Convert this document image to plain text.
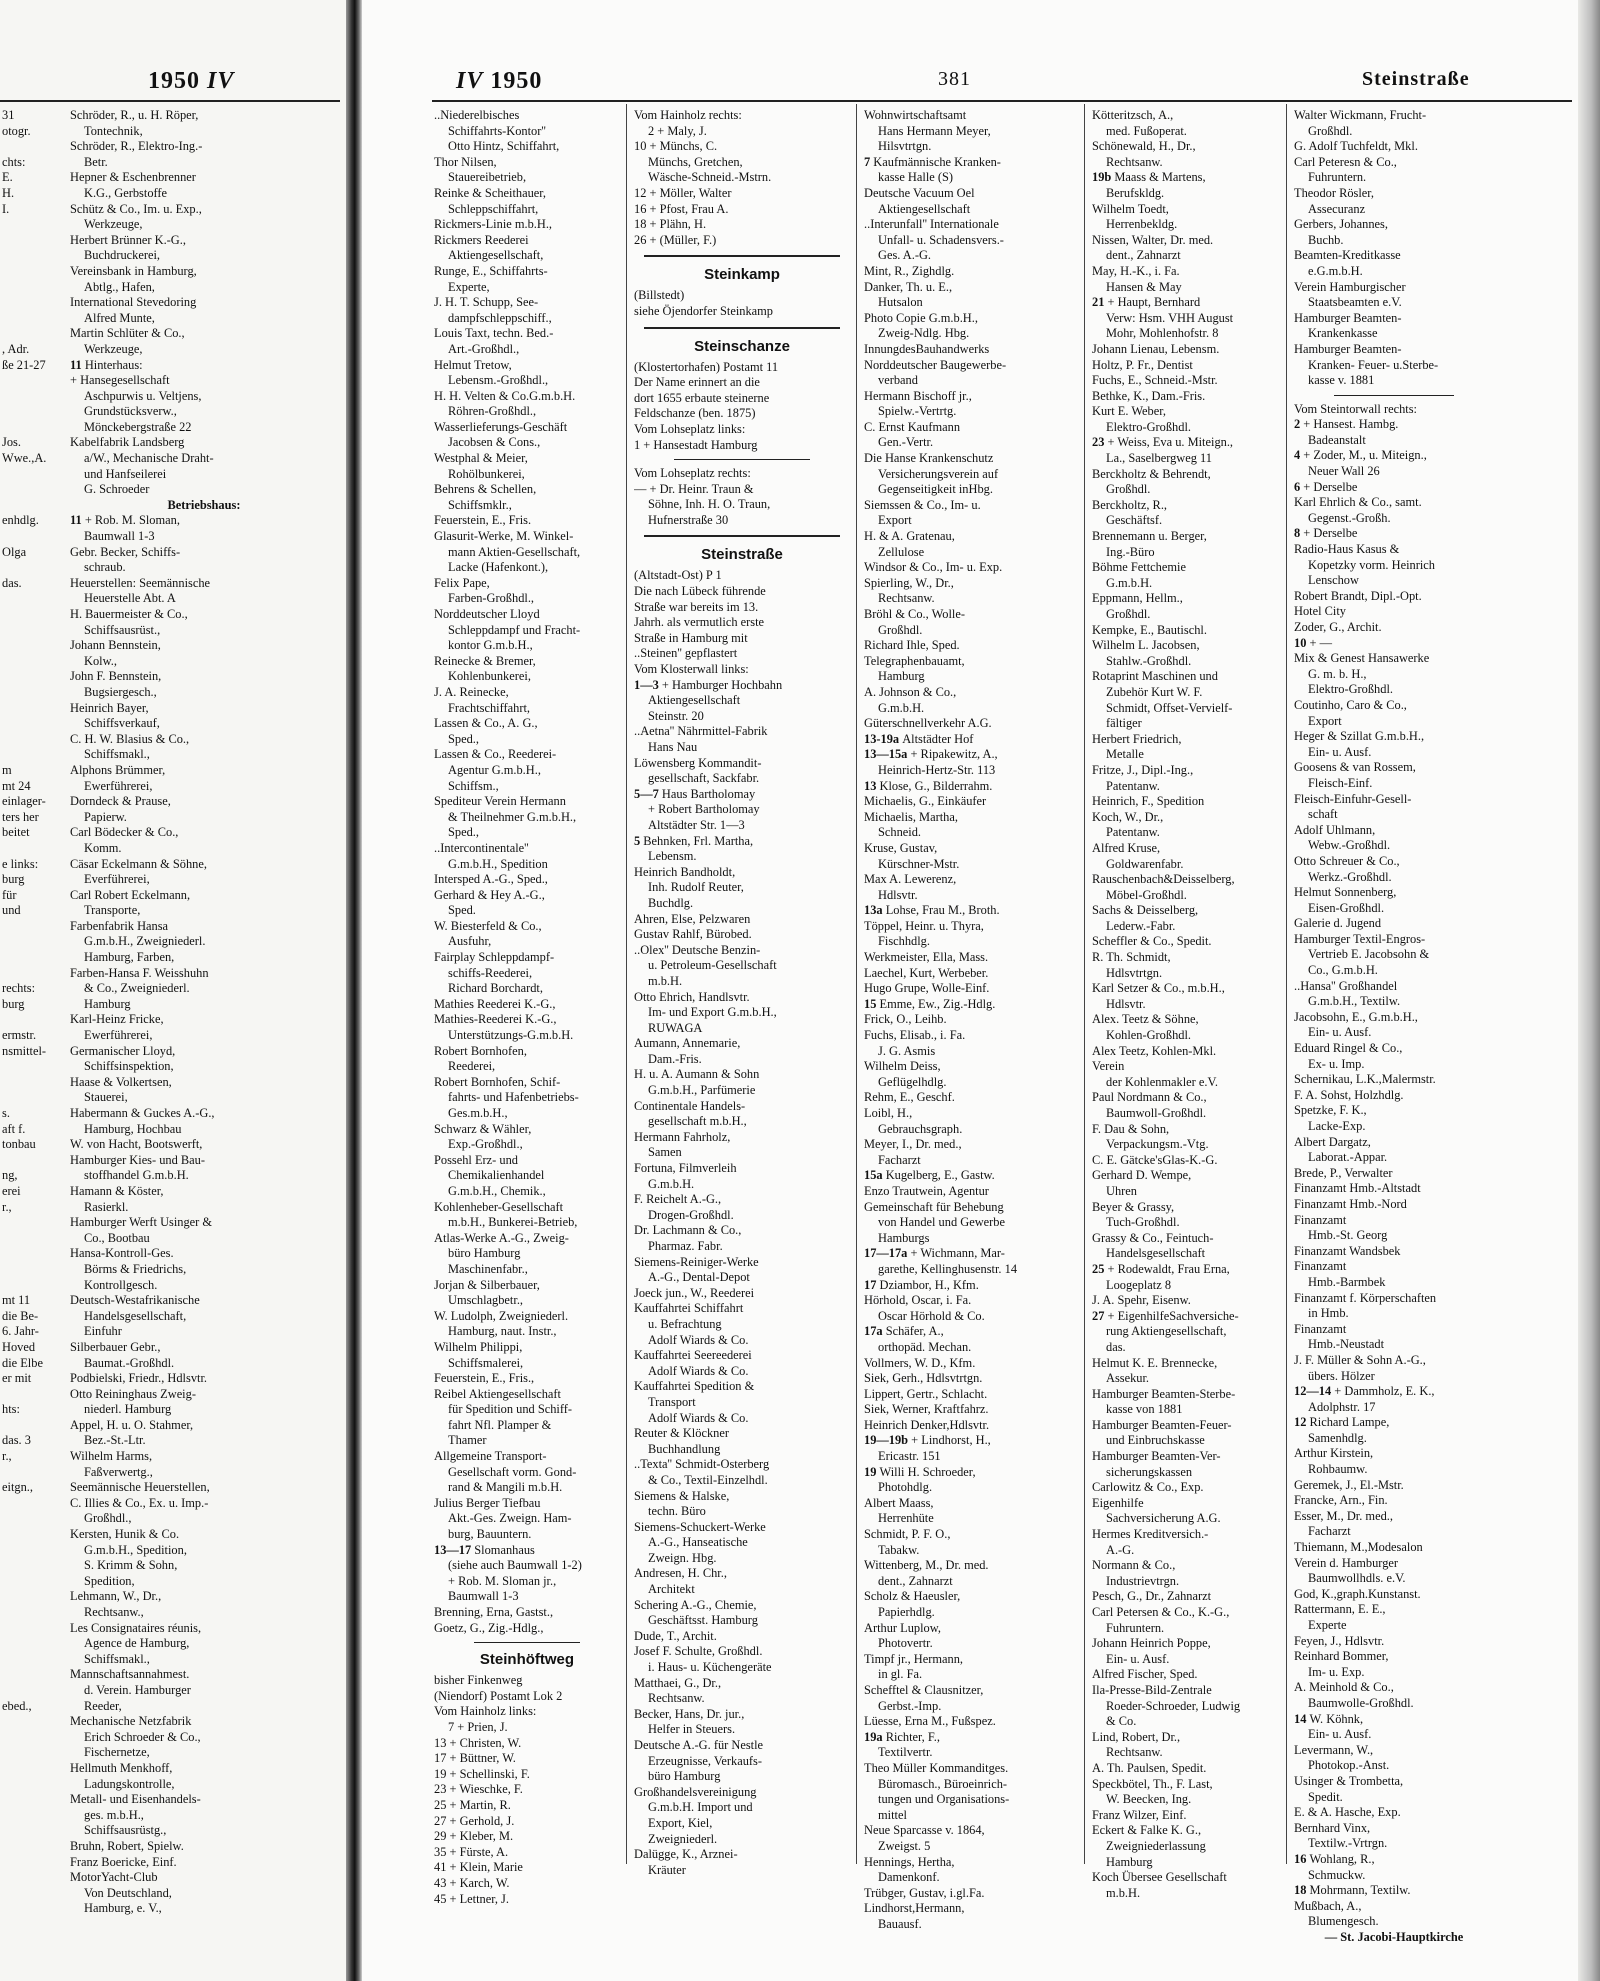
1950 IV
31
otogr.

chts:
E.
H.
I.

, Adr.
ße 21-27

Jos.
Wwe.,A.

enhdlg.

Olga

das.

m
mt 24
einlager-
ters her
beitet

e links:
burg
für
und

rechts:
burg

ermstr.
nsmittel-

s.
aft f.
tonbau

ng,
erei
r.,

mt 11
die Be-
6. Jahr-
Hoved
die Elbe
er mit

hts:

das. 3
r.,

eitgn.,

ebed.,
Schröder, R., u. H. Röper,
Tontechnik,
Schröder, R., Elektro-Ing.-
Betr.
Hepner & Eschenbrenner
K.G., Gerbstoffe
Schütz & Co., Im. u. Exp.,
Werkzeuge,
Herbert Brünner K.-G.,
Buchdruckerei,
Vereinsbank in Hamburg,
Abtlg., Hafen,
International Stevedoring
Alfred Munte,
Martin Schlüter & Co.,
Werkzeuge,
11 Hinterhaus:
+ Hansegesellschaft
Aschpurwis u. Veltjens,
Grundstücksverw.,
Mönckebergstraße 22
Kabelfabrik Landsberg
a/W., Mechanische Draht-
und Hanfseilerei
G. Schroeder
Betriebshaus:
11 + Rob. M. Sloman,
Baumwall 1-3
Gebr. Becker, Schiffs-
schraub.
Heuerstellen: Seemännische
Heuerstelle Abt. A
H. Bauermeister & Co.,
Schiffsausrüst.,
Johann Bennstein,
Kolw.,
John F. Bennstein,
Bugsiergesch.,
Heinrich Bayer,
Schiffsverkauf,
C. H. W. Blasius & Co.,
Schiffsmakl.,
Alphons Brümmer,
Ewerführerei,
Dorndeck & Prause,
Papierw.
Carl Bödecker & Co.,
Komm.
Cäsar Eckelmann & Söhne,
Everführerei,
Carl Robert Eckelmann,
Transporte,
Farbenfabrik Hansa
G.m.b.H., Zweigniederl.
Hamburg, Farben,
Farben-Hansa F. Weisshuhn
& Co., Zweigniederl.
Hamburg
Karl-Heinz Fricke,
Ewerführerei,
Germanischer Lloyd,
Schiffsinspektion,
Haase & Volkertsen,
Stauerei,
Habermann & Guckes A.-G.,
Hamburg, Hochbau
W. von Hacht, Bootswerft,
Hamburger Kies- und Bau-
stoffhandel G.m.b.H.
Hamann & Köster,
Rasierkl.
Hamburger Werft Usinger &
Co., Bootbau
Hansa-Kontroll-Ges.
Börms & Friedrichs,
Kontrollgesch.
Deutsch-Westafrikanische
Handelsgesellschaft,
Einfuhr
Silberbauer Gebr.,
Baumat.-Großhdl.
Podbielski, Friedr., Hdlsvtr.
Otto Reininghaus Zweig-
niederl. Hamburg
Appel, H. u. O. Stahmer,
Bez.-St.-Ltr.
Wilhelm Harms,
Faßverwertg.,
Seemännische Heuerstellen,
C. Illies & Co., Ex. u. Imp.-
Großhdl.,
Kersten, Hunik & Co.
G.m.b.H., Spedition,
S. Krimm & Sohn,
Spedition,
Lehmann, W., Dr.,
Rechtsanw.,
Les Consignataires réunis,
Agence de Hamburg,
Schiffsmakl.,
Mannschaftsannahmest.
d. Verein. Hamburger
Reeder,
Mechanische Netzfabrik
Erich Schroeder & Co.,
Fischernetze,
Hellmuth Menkhoff,
Ladungskontrolle,
Metall- und Eisenhandels-
ges. m.b.H.,
Schiffsausrüstg.,
Bruhn, Robert, Spielw.
Franz Boericke, Einf.
MotorYacht-Club
Von Deutschland,
Hamburg, e. V.,
IV 1950	381	Steinstraße
..Niederelbisches
Schiffahrts-Kontor''
Otto Hintz, Schiffahrt,
Thor Nilsen,
Stauereibetrieb,
Reinke & Scheithauer,
Schleppschiffahrt,
Rickmers-Linie m.b.H.,
Rickmers Reederei
Aktiengesellschaft,
Runge, E., Schiffahrts-
Experte,
J. H. T. Schupp, See-
dampfschleppschiff.,
Louis Taxt, techn. Bed.-
Art.-Großhdl.,
Helmut Tretow,
Lebensm.-Großhdl.,
H. H. Velten & Co.G.m.b.H.
Röhren-Großhdl.,
Wasserlieferungs-Geschäft
Jacobsen & Cons.,
Westphal & Meier,
Rohölbunkerei,
Behrens & Schellen,
Schiffsmklr.,
Feuerstein, E., Fris.
Glasurit-Werke, M. Winkel-
mann Aktien-Gesellschaft,
Lacke (Hafenkont.),
Felix Pape,
Farben-Großhdl.,
Norddeutscher Lloyd
Schleppdampf und Fracht-
kontor G.m.b.H.,
Reinecke & Bremer,
Kohlenbunkerei,
J. A. Reinecke,
Frachtschiffahrt,
Lassen & Co., A. G.,
Sped.,
Lassen & Co., Reederei-
Agentur G.m.b.H.,
Schiffsm.,
Spediteur Verein Hermann
& Theilnehmer G.m.b.H.,
Sped.,
..Intercontinentale''
G.m.b.H., Spedition
Intersped A.-G., Sped.,
Gerhard & Hey A.-G.,
Sped.
W. Biesterfeld & Co.,
Ausfuhr,
Fairplay Schleppdampf-
schiffs-Reederei,
Richard Borchardt,
Mathies Reederei K.-G.,
Mathies-Reederei K.-G.,
Unterstützungs-G.m.b.H.
Robert Bornhofen,
Reederei,
Robert Bornhofen, Schif-
fahrts- und Hafenbetriebs-
Ges.m.b.H.,
Schwarz & Wähler,
Exp.-Großhdl.,
Possehl Erz- und
Chemikalienhandel
G.m.b.H., Chemik.,
Kohlenheber-Gesellschaft
m.b.H., Bunkerei-Betrieb,
Atlas-Werke A.-G., Zweig-
büro Hamburg
Maschinenfabr.,
Jorjan & Silberbauer,
Umschlagbetr.,
W. Ludolph, Zweigniederl.
Hamburg, naut. Instr.,
Wilhelm Philippi,
Schiffsmalerei,
Feuerstein, E., Fris.,
Reibel Aktiengesellschaft
für Spedition und Schiff-
fahrt Nfl. Plamper &
Thamer
Allgemeine Transport-
Gesellschaft vorm. Gond-
rand & Mangili m.b.H.
Julius Berger Tiefbau
Akt.-Ges. Zweign. Ham-
burg, Bauuntern.
13—17 Slomanhaus
(siehe auch Baumwall 1-2)
+ Rob. M. Sloman jr.,
Baumwall 1-3
Brenning, Erna, Gastst.,
Goetz, G., Zig.-Hdlg.,
Steinhöftweg
bisher Finkenweg
(Niendorf) Postamt Lok 2
Vom Hainholz links:
7 + Prien, J.
13 + Christen, W.
17 + Büttner, W.
19 + Schellinski, F.
23 + Wieschke, F.
25 + Martin, R.
27 + Gerhold, J.
29 + Kleber, M.
35 + Fürste, A.
41 + Klein, Marie
43 + Karch, W.
45 + Lettner, J.
Vom Hainholz rechts:
2 + Maly, J.
10 + Münchs, C.
Münchs, Gretchen,
Wäsche-Schneid.-Mstrn.
12 + Möller, Walter
16 + Pfost, Frau A.
18 + Plähn, H.
26 + (Müller, F.)
Steinkamp
(Billstedt)
siehe Öjendorfer Steinkamp
Steinschanze
(Klostertorhafen) Postamt 11
Der Name erinnert an die
dort 1655 erbaute steinerne
Feldschanze (ben. 1875)
Vom Lohseplatz links:
1 + Hansestadt Hamburg
Vom Lohseplatz rechts:
— + Dr. Heinr. Traun &
Söhne, Inh. H. O. Traun,
Hufnerstraße 30
Steinstraße
(Altstadt-Ost) P 1
Die nach Lübeck führende
Straße war bereits im 13.
Jahrh. als vermutlich erste
Straße in Hamburg mit
..Steinen'' gepflastert
Vom Klosterwall links:
1—3 + Hamburger Hochbahn
Aktiengesellschaft
Steinstr. 20
..Aetna'' Nährmittel-Fabrik
Hans Nau
Löwensberg Kommandit-
gesellschaft, Sackfabr.
5—7 Haus Bartholomay
+ Robert Bartholomay
Altstädter Str. 1—3
5 Behnken, Frl. Martha,
Lebensm.
Heinrich Bandholdt,
Inh. Rudolf Reuter,
Buchdlg.
Ahren, Else, Pelzwaren
Gustav Rahlf, Bürobed.
..Olex'' Deutsche Benzin-
u. Petroleum-Gesellschaft
m.b.H.
Otto Ehrich, Handlsvtr.
Im- und Export G.m.b.H.,
RUWAGA
Aumann, Annemarie,
Dam.-Fris.
H. u. A. Aumann & Sohn
G.m.b.H., Parfümerie
Continentale Handels-
gesellschaft m.b.H.,
Hermann Fahrholz,
Samen
Fortuna, Filmverleih
G.m.b.H.
F. Reichelt A.-G.,
Drogen-Großhdl.
Dr. Lachmann & Co.,
Pharmaz. Fabr.
Siemens-Reiniger-Werke
A.-G., Dental-Depot
Joeck jun., W., Reederei
Kauffahrtei Schiffahrt
u. Befrachtung
Adolf Wiards & Co.
Kauffahrtei Seereederei
Adolf Wiards & Co.
Kauffahrtei Spedition &
Transport
Adolf Wiards & Co.
Reuter & Klöckner
Buchhandlung
..Texta'' Schmidt-Osterberg
& Co., Textil-Einzelhdl.
Siemens & Halske,
techn. Büro
Siemens-Schuckert-Werke
A.-G., Hanseatische
Zweign. Hbg.
Andresen, H. Chr.,
Architekt
Schering A.-G., Chemie,
Geschäftsst. Hamburg
Dude, T., Archit.
Josef F. Schulte, Großhdl.
i. Haus- u. Küchengeräte
Matthaei, G., Dr.,
Rechtsanw.
Becker, Hans, Dr. jur.,
Helfer in Steuers.
Deutsche A.-G. für Nestle
Erzeugnisse, Verkaufs-
büro Hamburg
Großhandelsvereinigung
G.m.b.H. Import und
Export, Kiel,
Zweigniederl.
Dalügge, K., Arznei-
Kräuter
Wohnwirtschaftsamt
Hans Hermann Meyer,
Hilsvtrtgn.
7 Kaufmännische Kranken-
kasse Halle (S)
Deutsche Vacuum Oel
Aktiengesellschaft
..Interunfall'' Internationale
Unfall- u. Schadensvers.-
Ges. A.-G.
Mint, R., Zighdlg.
Danker, Th. u. E.,
Hutsalon
Photo Copie G.m.b.H.,
Zweig-Ndlg. Hbg.
InnungdesBauhandwerks
Norddeutscher Baugewerbe-
verband
Hermann Bischoff jr.,
Spielw.-Vertrtg.
C. Ernst Kaufmann
Gen.-Vertr.
Die Hanse Krankenschutz
Versicherungsverein auf
Gegenseitigkeit inHbg.
Siemssen & Co., Im- u.
Export
H. & A. Gratenau,
Zellulose
Windsor & Co., Im- u. Exp.
Spierling, W., Dr.,
Rechtsanw.
Bröhl & Co., Wolle-
Großhdl.
Richard Ihle, Sped.
Telegraphenbauamt,
Hamburg
A. Johnson & Co.,
G.m.b.H.
Güterschnellverkehr A.G.
13-19a Altstädter Hof
13—15a + Ripakewitz, A.,
Heinrich-Hertz-Str. 113
13 Klose, G., Bilderrahm.
Michaelis, G., Einkäufer
Michaelis, Martha,
Schneid.
Kruse, Gustav,
Kürschner-Mstr.
Max A. Lewerenz,
Hdlsvtr.
13a Lohse, Frau M., Broth.
Töppel, Heinr. u. Thyra,
Fischhdlg.
Werkmeister, Ella, Mass.
Laechel, Kurt, Werbeber.
Hugo Grupe, Wolle-Einf.
15 Emme, Ew., Zig.-Hdlg.
Frick, O., Leihb.
Fuchs, Elisab., i. Fa.
J. G. Asmis
Wilhelm Deiss,
Geflügelhdlg.
Rehm, E., Geschf.
Loibl, H.,
Gebrauchsgraph.
Meyer, I., Dr. med.,
Facharzt
15a Kugelberg, E., Gastw.
Enzo Trautwein, Agentur
Gemeinschaft für Behebung
von Handel und Gewerbe
Hamburgs
17—17a + Wichmann, Mar-
garethe, Kellinghusenstr. 14
17 Dziambor, H., Kfm.
Hörhold, Oscar, i. Fa.
Oscar Hörhold & Co.
17a Schäfer, A.,
orthopäd. Mechan.
Vollmers, W. D., Kfm.
Siek, Gerh., Hdlsvtrtgn.
Lippert, Gertr., Schlacht.
Siek, Werner, Kraftfahrz.
Heinrich Denker,Hdlsvtr.
19—19b + Lindhorst, H.,
Ericastr. 151
19 Willi H. Schroeder,
Photohdlg.
Albert Maass,
Herrenhüte
Schmidt, P. F. O.,
Tabakw.
Wittenberg, M., Dr. med.
dent., Zahnarzt
Scholz & Haeusler,
Papierhdlg.
Arthur Luplow,
Photovertr.
Timpf jr., Hermann,
in gl. Fa.
Schefftel & Clausnitzer,
Gerbst.-Imp.
Lüesse, Erna M., Fußspez.
19a Richter, F.,
Textilvertr.
Theo Müller Kommanditges.
Büromasch., Büroeinrich-
tungen und Organisations-
mittel
Neue Sparcasse v. 1864,
Zweigst. 5
Hennings, Hertha,
Damenkonf.
Trübger, Gustav, i.gl.Fa.
Lindhorst,Hermann,
Bauausf.
Kötteritzsch, A.,
med. Fußoperat.
Schönewald, H., Dr.,
Rechtsanw.
19b Maass & Martens,
Berufskldg.
Wilhelm Toedt,
Herrenbekldg.
Nissen, Walter, Dr. med.
dent., Zahnarzt
May, H.-K., i. Fa.
Hansen & May
21 + Haupt, Bernhard
Verw: Hsm. VHH August
Mohr, Mohlenhofstr. 8
Johann Lienau, Lebensm.
Holtz, P. Fr., Dentist
Fuchs, E., Schneid.-Mstr.
Bethke, K., Dam.-Fris.
Kurt E. Weber,
Elektro-Großhdl.
23 + Weiss, Eva u. Miteign.,
La., Saselbergweg 11
Berckholtz & Behrendt,
Großhdl.
Berckholtz, R.,
Geschäftsf.
Brennemann u. Berger,
Ing.-Büro
Böhme Fettchemie
G.m.b.H.
Eppmann, Hellm.,
Großhdl.
Kempke, E., Bautischl.
Wilhelm L. Jacobsen,
Stahlw.-Großhdl.
Rotaprint Maschinen und
Zubehör Kurt W. F.
Schmidt, Offset-Vervielf-
fältiger
Herbert Friedrich,
Metalle
Fritze, J., Dipl.-Ing.,
Patentanw.
Heinrich, F., Spedition
Koch, W., Dr.,
Patentanw.
Alfred Kruse,
Goldwarenfabr.
Rauschenbach&Deisselberg,
Möbel-Großhdl.
Sachs & Deisselberg,
Lederw.-Fabr.
Scheffler & Co., Spedit.
R. Th. Schmidt,
Hdlsvtrtgn.
Karl Setzer & Co., m.b.H.,
Hdlsvtr.
Alex. Teetz & Söhne,
Kohlen-Großhdl.
Alex Teetz, Kohlen-Mkl.
Verein
der Kohlenmakler e.V.
Paul Nordmann & Co.,
Baumwoll-Großhdl.
F. Dau & Sohn,
Verpackungsm.-Vtg.
C. E. Gätcke'sGlas-K.-G.
Gerhard D. Wempe,
Uhren
Beyer & Grassy,
Tuch-Großhdl.
Grassy & Co., Feintuch-
Handelsgesellschaft
25 + Rodewaldt, Frau Erna,
Loogeplatz 8
J. A. Spehr, Eisenw.
27 + EigenhilfeSachversiche-
rung Aktiengesellschaft,
das.
Helmut K. E. Brennecke,
Assekur.
Hamburger Beamten-Sterbe-
kasse von 1881
Hamburger Beamten-Feuer-
und Einbruchskasse
Hamburger Beamten-Ver-
sicherungskassen
Carlowitz & Co., Exp.
Eigenhilfe
Sachversicherung A.G.
Hermes Kreditversich.-
A.-G.
Normann & Co.,
Industrievtrgn.
Pesch, G., Dr., Zahnarzt
Carl Petersen & Co., K.-G.,
Fuhruntern.
Johann Heinrich Poppe,
Ein- u. Ausf.
Alfred Fischer, Sped.
Ila-Presse-Bild-Zentrale
Roeder-Schroeder, Ludwig
& Co.
Lind, Robert, Dr.,
Rechtsanw.
A. Th. Paulsen, Spedit.
Speckbötel, Th., F. Last,
W. Beecken, Ing.
Franz Wilzer, Einf.
Eckert & Falke K. G.,
Zweigniederlassung
Hamburg
Koch Übersee Gesellschaft
m.b.H.
Walter Wickmann, Frucht-
Großhdl.
G. Adolf Tuchfeldt, Mkl.
Carl Peteresn & Co.,
Fuhruntern.
Theodor Rösler,
Assecuranz
Gerbers, Johannes,
Buchb.
Beamten-Kreditkasse
e.G.m.b.H.
Verein Hamburgischer
Staatsbeamten e.V.
Hamburger Beamten-
Krankenkasse
Hamburger Beamten-
Kranken- Feuer- u.Sterbe-
kasse v. 1881
Vom Steintorwall rechts:
2 + Hansest. Hambg.
Badeanstalt
4 + Zoder, M., u. Miteign.,
Neuer Wall 26
6 + Derselbe
Karl Ehrlich & Co., samt.
Gegenst.-Großh.
8 + Derselbe
Radio-Haus Kasus &
Kopetzky vorm. Heinrich
Lenschow
Robert Brandt, Dipl.-Opt.
Hotel City
Zoder, G., Archit.
10 + —
Mix & Genest Hansawerke
G. m. b. H.,
Elektro-Großhdl.
Coutinho, Caro & Co.,
Export
Heger & Szillat G.m.b.H.,
Ein- u. Ausf.
Goosens & van Rossem,
Fleisch-Einf.
Fleisch-Einfuhr-Gesell-
schaft
Adolf Uhlmann,
Webw.-Großhdl.
Otto Schreuer & Co.,
Werkz.-Großhdl.
Helmut Sonnenberg,
Eisen-Großhdl.
Galerie d. Jugend
Hamburger Textil-Engros-
Vertrieb E. Jacobsohn &
Co., G.m.b.H.
..Hansa'' Großhandel
G.m.b.H., Textilw.
Jacobsohn, E., G.m.b.H.,
Ein- u. Ausf.
Eduard Ringel & Co.,
Ex- u. Imp.
Schernikau, L.K.,Malermstr.
F. A. Sohst, Holzhdlg.
Spetzke, F. K.,
Lacke-Exp.
Albert Dargatz,
Laborat.-Appar.
Brede, P., Verwalter
Finanzamt Hmb.-Altstadt
Finanzamt Hmb.-Nord
Finanzamt
Hmb.-St. Georg
Finanzamt Wandsbek
Finanzamt
Hmb.-Barmbek
Finanzamt f. Körperschaften
in Hmb.
Finanzamt
Hmb.-Neustadt
J. F. Müller & Sohn A.-G.,
übers. Hölzer
12—14 + Dammholz, E. K.,
Adolphstr. 17
12 Richard Lampe,
Samenhdlg.
Arthur Kirstein,
Rohbaumw.
Geremek, J., El.-Mstr.
Francke, Arn., Fin.
Esser, M., Dr. med.,
Facharzt
Thiemann, M.,Modesalon
Verein d. Hamburger
Baumwollhdls. e.V.
God, K.,graph.Kunstanst.
Rattermann, E. E.,
Experte
Feyen, J., Hdlsvtr.
Reinhard Bommer,
Im- u. Exp.
A. Meinhold & Co.,
Baumwolle-Großhdl.
14 W. Köhnk,
Ein- u. Ausf.
Levermann, W.,
Photokop.-Anst.
Usinger & Trombetta,
Spedit.
E. & A. Hasche, Exp.
Bernhard Vinx,
Textilw.-Vrtrgn.
16 Wohlang, R.,
Schmuckw.
18 Mohrmann, Textilw.
Mußbach, A.,
Blumengesch.
— St. Jacobi-Hauptkirche
